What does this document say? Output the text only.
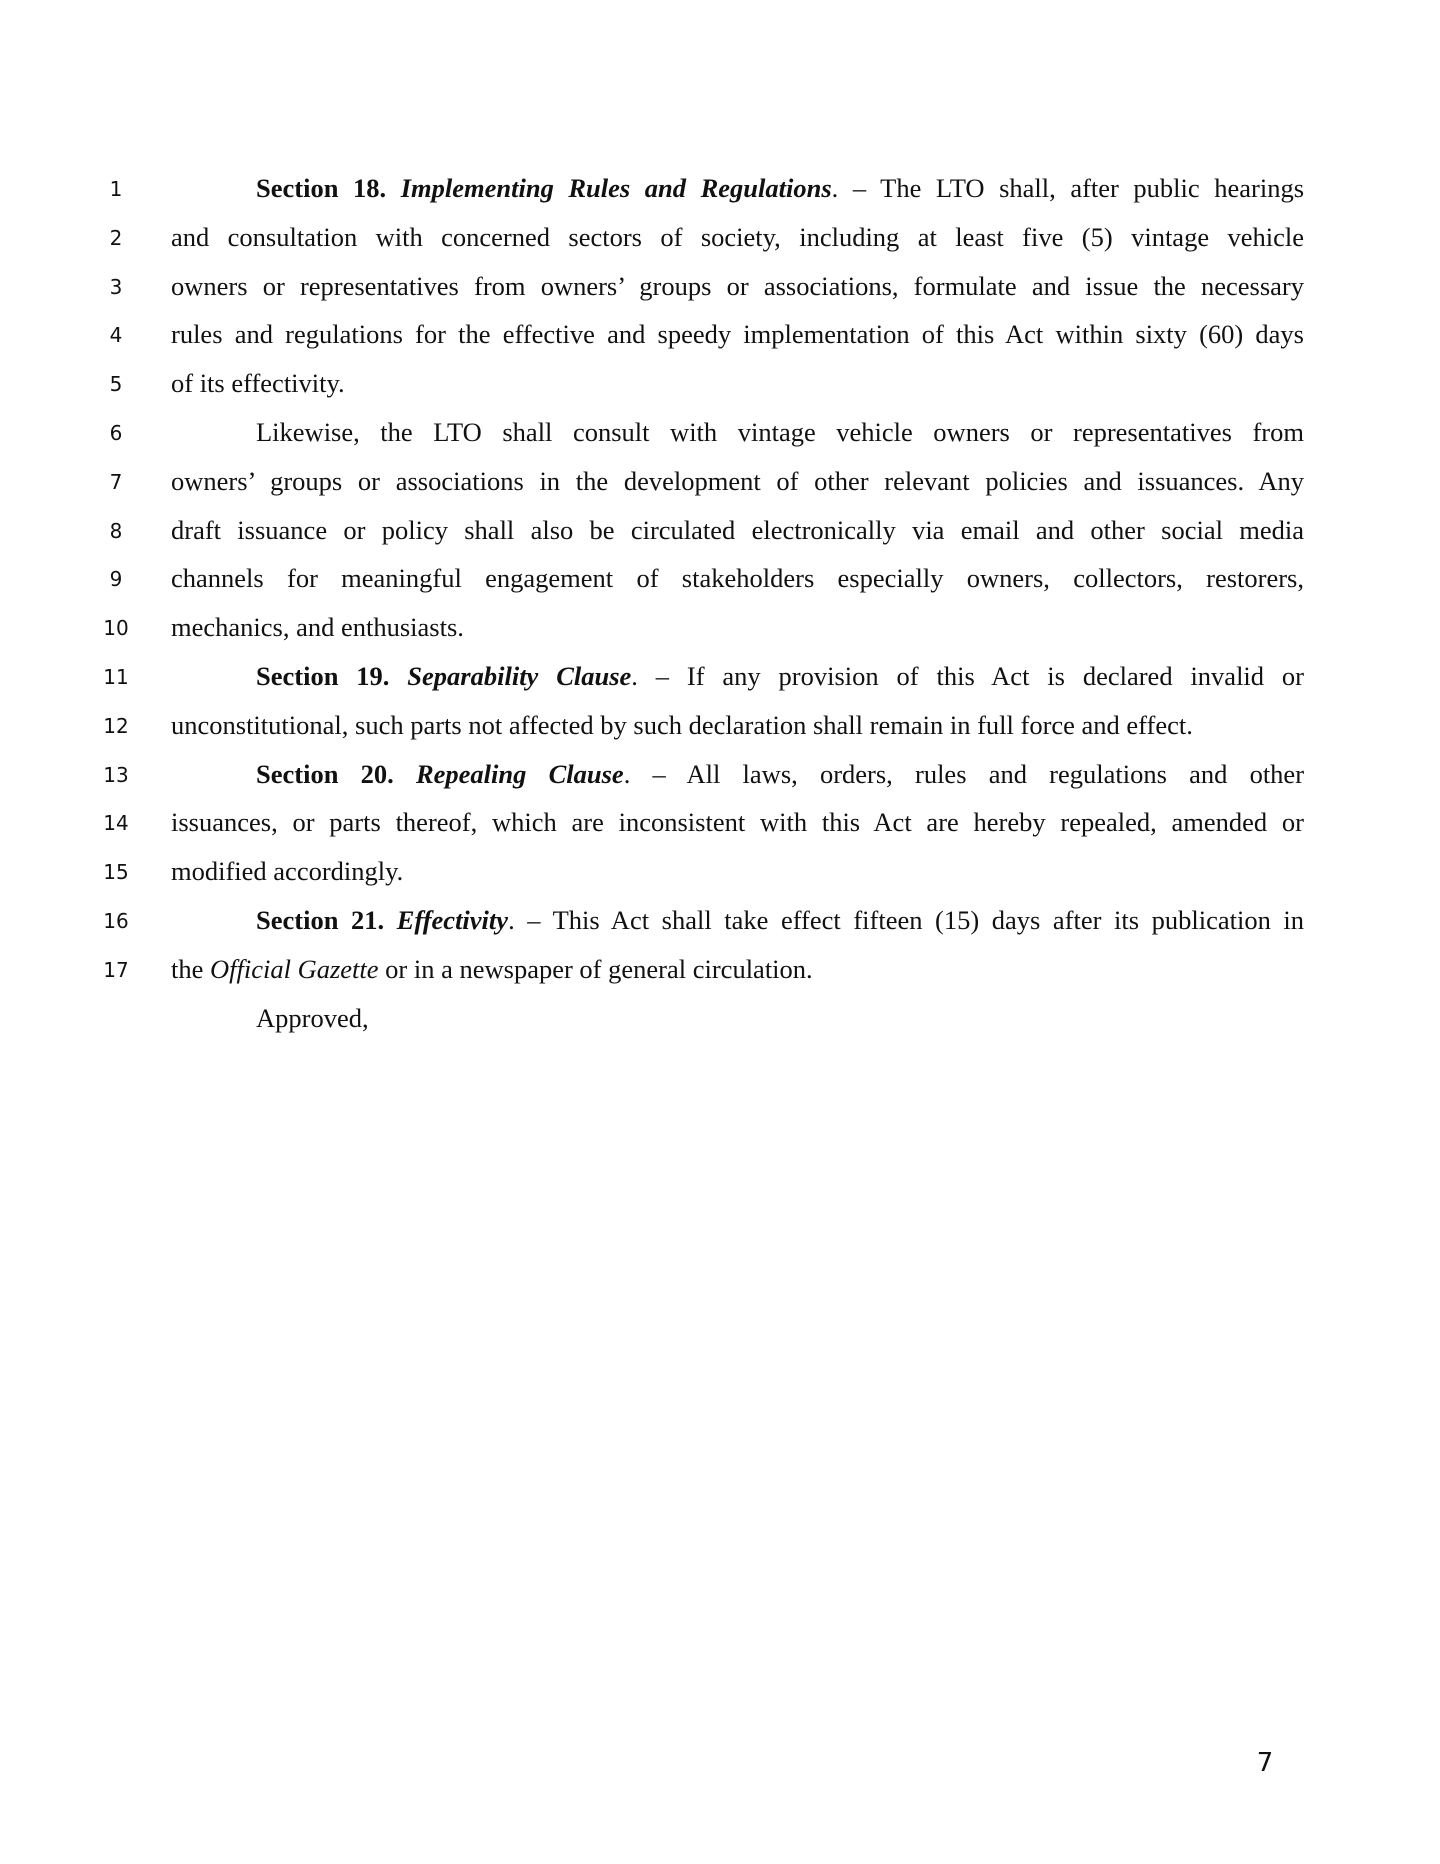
1	Section 18. Implementing Rules and Regulations. – The LTO shall, after public hearings
2	and consultation with concerned sectors of society, including at least five (5) vintage vehicle
3	owners or representatives from owners’ groups or associations, formulate and issue the necessary
4	rules and regulations for the effective and speedy implementation of this Act within sixty (60) days
5	of its effectivity.
6	Likewise, the LTO shall consult with vintage vehicle owners or representatives from
7	owners’ groups or associations in the development of other relevant policies and issuances. Any
8	draft issuance or policy shall also be circulated electronically via email and other social media
9	channels for meaningful engagement of stakeholders especially owners, collectors, restorers,
10 mechanics, and enthusiasts.
11	Section 19. Separability Clause. – If any provision of this Act is declared invalid or
12 unconstitutional, such parts not affected by such declaration shall remain in full force and effect.
13	Section 20. Repealing Clause. – All laws, orders, rules and regulations and other
14 issuances, or parts thereof, which are inconsistent with this Act are hereby repealed, amended or
15 modified accordingly.
16	Section 21. Effectivity. – This Act shall take effect fifteen (15) days after its publication in
17 the Official Gazette or in a newspaper of general circulation.
Approved,
7
